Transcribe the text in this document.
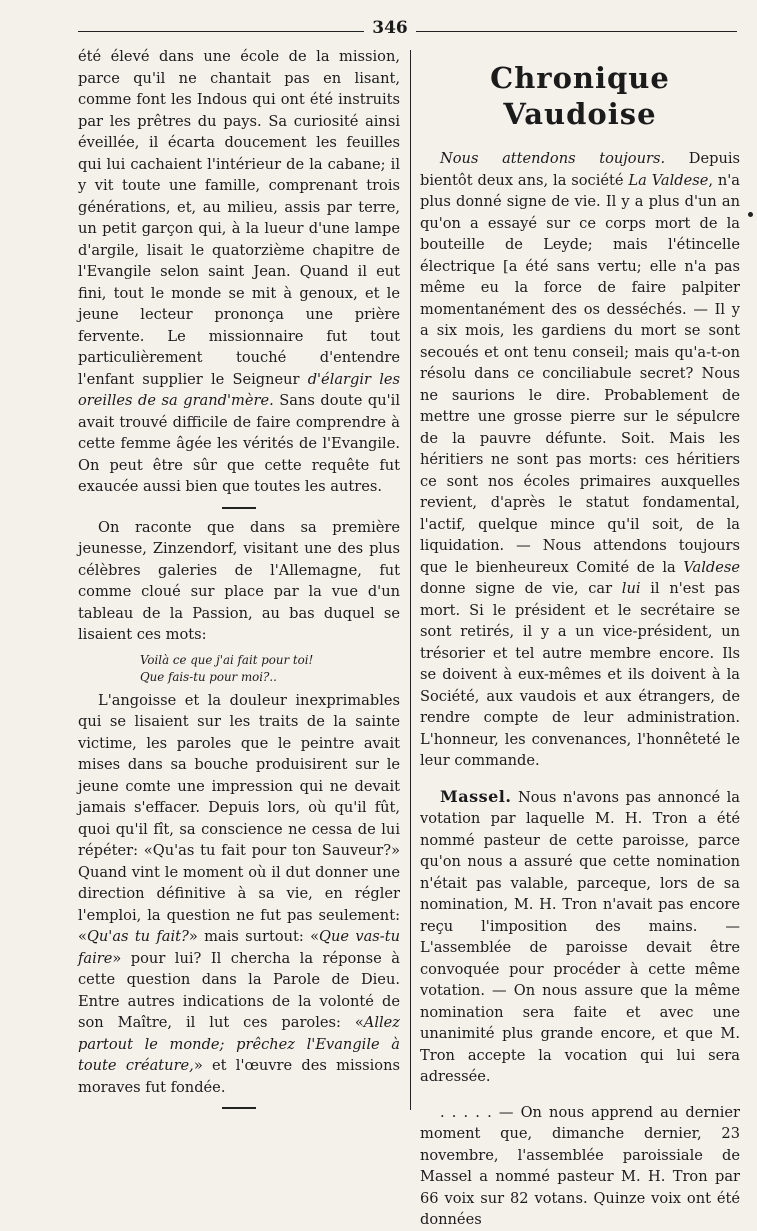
346

été élevé dans une école de la mission, parce qu'il ne chantait pas en lisant, comme font les Indous qui ont été instruits par les prêtres du pays. Sa curiosité ainsi éveillée, il écarta doucement les feuilles qui lui cachaient l'intérieur de la cabane; il y vit toute une famille, comprenant trois générations, et, au milieu, assis par terre, un petit garçon qui, à la lueur d'une lampe d'argile, lisait le quatorzième chapitre de l'Evangile selon saint Jean. Quand il eut fini, tout le monde se mit à genoux, et le jeune lecteur prononça une prière fervente. Le missionnaire fut tout particulièrement touché d'entendre l'enfant supplier le Seigneur d'élargir les oreilles de sa grand'mère. Sans doute qu'il avait trouvé difficile de faire comprendre à cette femme âgée les vérités de l'Evangile. On peut être sûr que cette requête fut exaucée aussi bien que toutes les autres.

On raconte que dans sa première jeunesse, Zinzendorf, visitant une des plus célèbres galeries de l'Allemagne, fut comme cloué sur place par la vue d'un tableau de la Passion, au bas duquel se lisaient ces mots:

Voilà ce que j'ai fait pour toi!
Que fais-tu pour moi?..

L'angoisse et la douleur inexprimables qui se lisaient sur les traits de la sainte victime, les paroles que le peintre avait mises dans sa bouche produisirent sur le jeune comte une impression qui ne devait jamais s'effacer. Depuis lors, où qu'il fût, quoi qu'il fît, sa conscience ne cessa de lui répéter: «Qu'as tu fait pour ton Sauveur?» Quand vint le moment où il dut donner une direction définitive à sa vie, en régler l'emploi, la question ne fut pas seulement: «Qu'as tu fait?» mais surtout: «Que vas-tu faire» pour lui? Il chercha la réponse à cette question dans la Parole de Dieu. Entre autres indications de la volonté de son Maître, il lut ces paroles: «Allez partout le monde; prêchez l'Evangile à toute créature,» et l'œuvre des missions moraves fut fondée.

Chronique Vaudoise

Nous attendons toujours. Depuis bientôt deux ans, la société La Valdese, n'a plus donné signe de vie. Il y a plus d'un an qu'on a essayé sur ce corps mort de la bouteille de Leyde; mais l'étincelle électrique [a été sans vertu; elle n'a pas même eu la force de faire palpiter momentanément des os desséchés. — Il y a six mois, les gardiens du mort se sont secoués et ont tenu conseil; mais qu'a-t-on résolu dans ce conciliabule secret? Nous ne saurions le dire. Probablement de mettre une grosse pierre sur le sépulcre de la pauvre défunte. Soit. Mais les héritiers ne sont pas morts: ces héritiers ce sont nos écoles primaires auxquelles revient, d'après le statut fondamental, l'actif, quelque mince qu'il soit, de la liquidation. — Nous attendons toujours que le bienheureux Comité de la Valdese donne signe de vie, car lui il n'est pas mort. Si le président et le secrétaire se sont retirés, il y a un vice-président, un trésorier et tel autre membre encore. Ils se doivent à eux-mêmes et ils doivent à la Société, aux vaudois et aux étrangers, de rendre compte de leur administration. L'honneur, les convenances, l'honnêteté le leur commande.

Massel. Nous n'avons pas annoncé la votation par laquelle M. H. Tron a été nommé pasteur de cette paroisse, parce qu'on nous a assuré que cette nomination n'était pas valable, parceque, lors de sa nomination, M. H. Tron n'avait pas encore reçu l'imposition des mains. — L'assemblée de paroisse devait être convoquée pour procéder à cette même votation. — On nous assure que la même nomination sera faite et avec une unanimité plus grande encore, et que M. Tron accepte la vocation qui lui sera adressée.

. . . . . — On nous apprend au dernier moment que, dimanche dernier, 23 novembre, l'assemblée paroissiale de Massel a nommé pasteur M. H. Tron par 66 voix sur 82 votans. Quinze voix ont été données
